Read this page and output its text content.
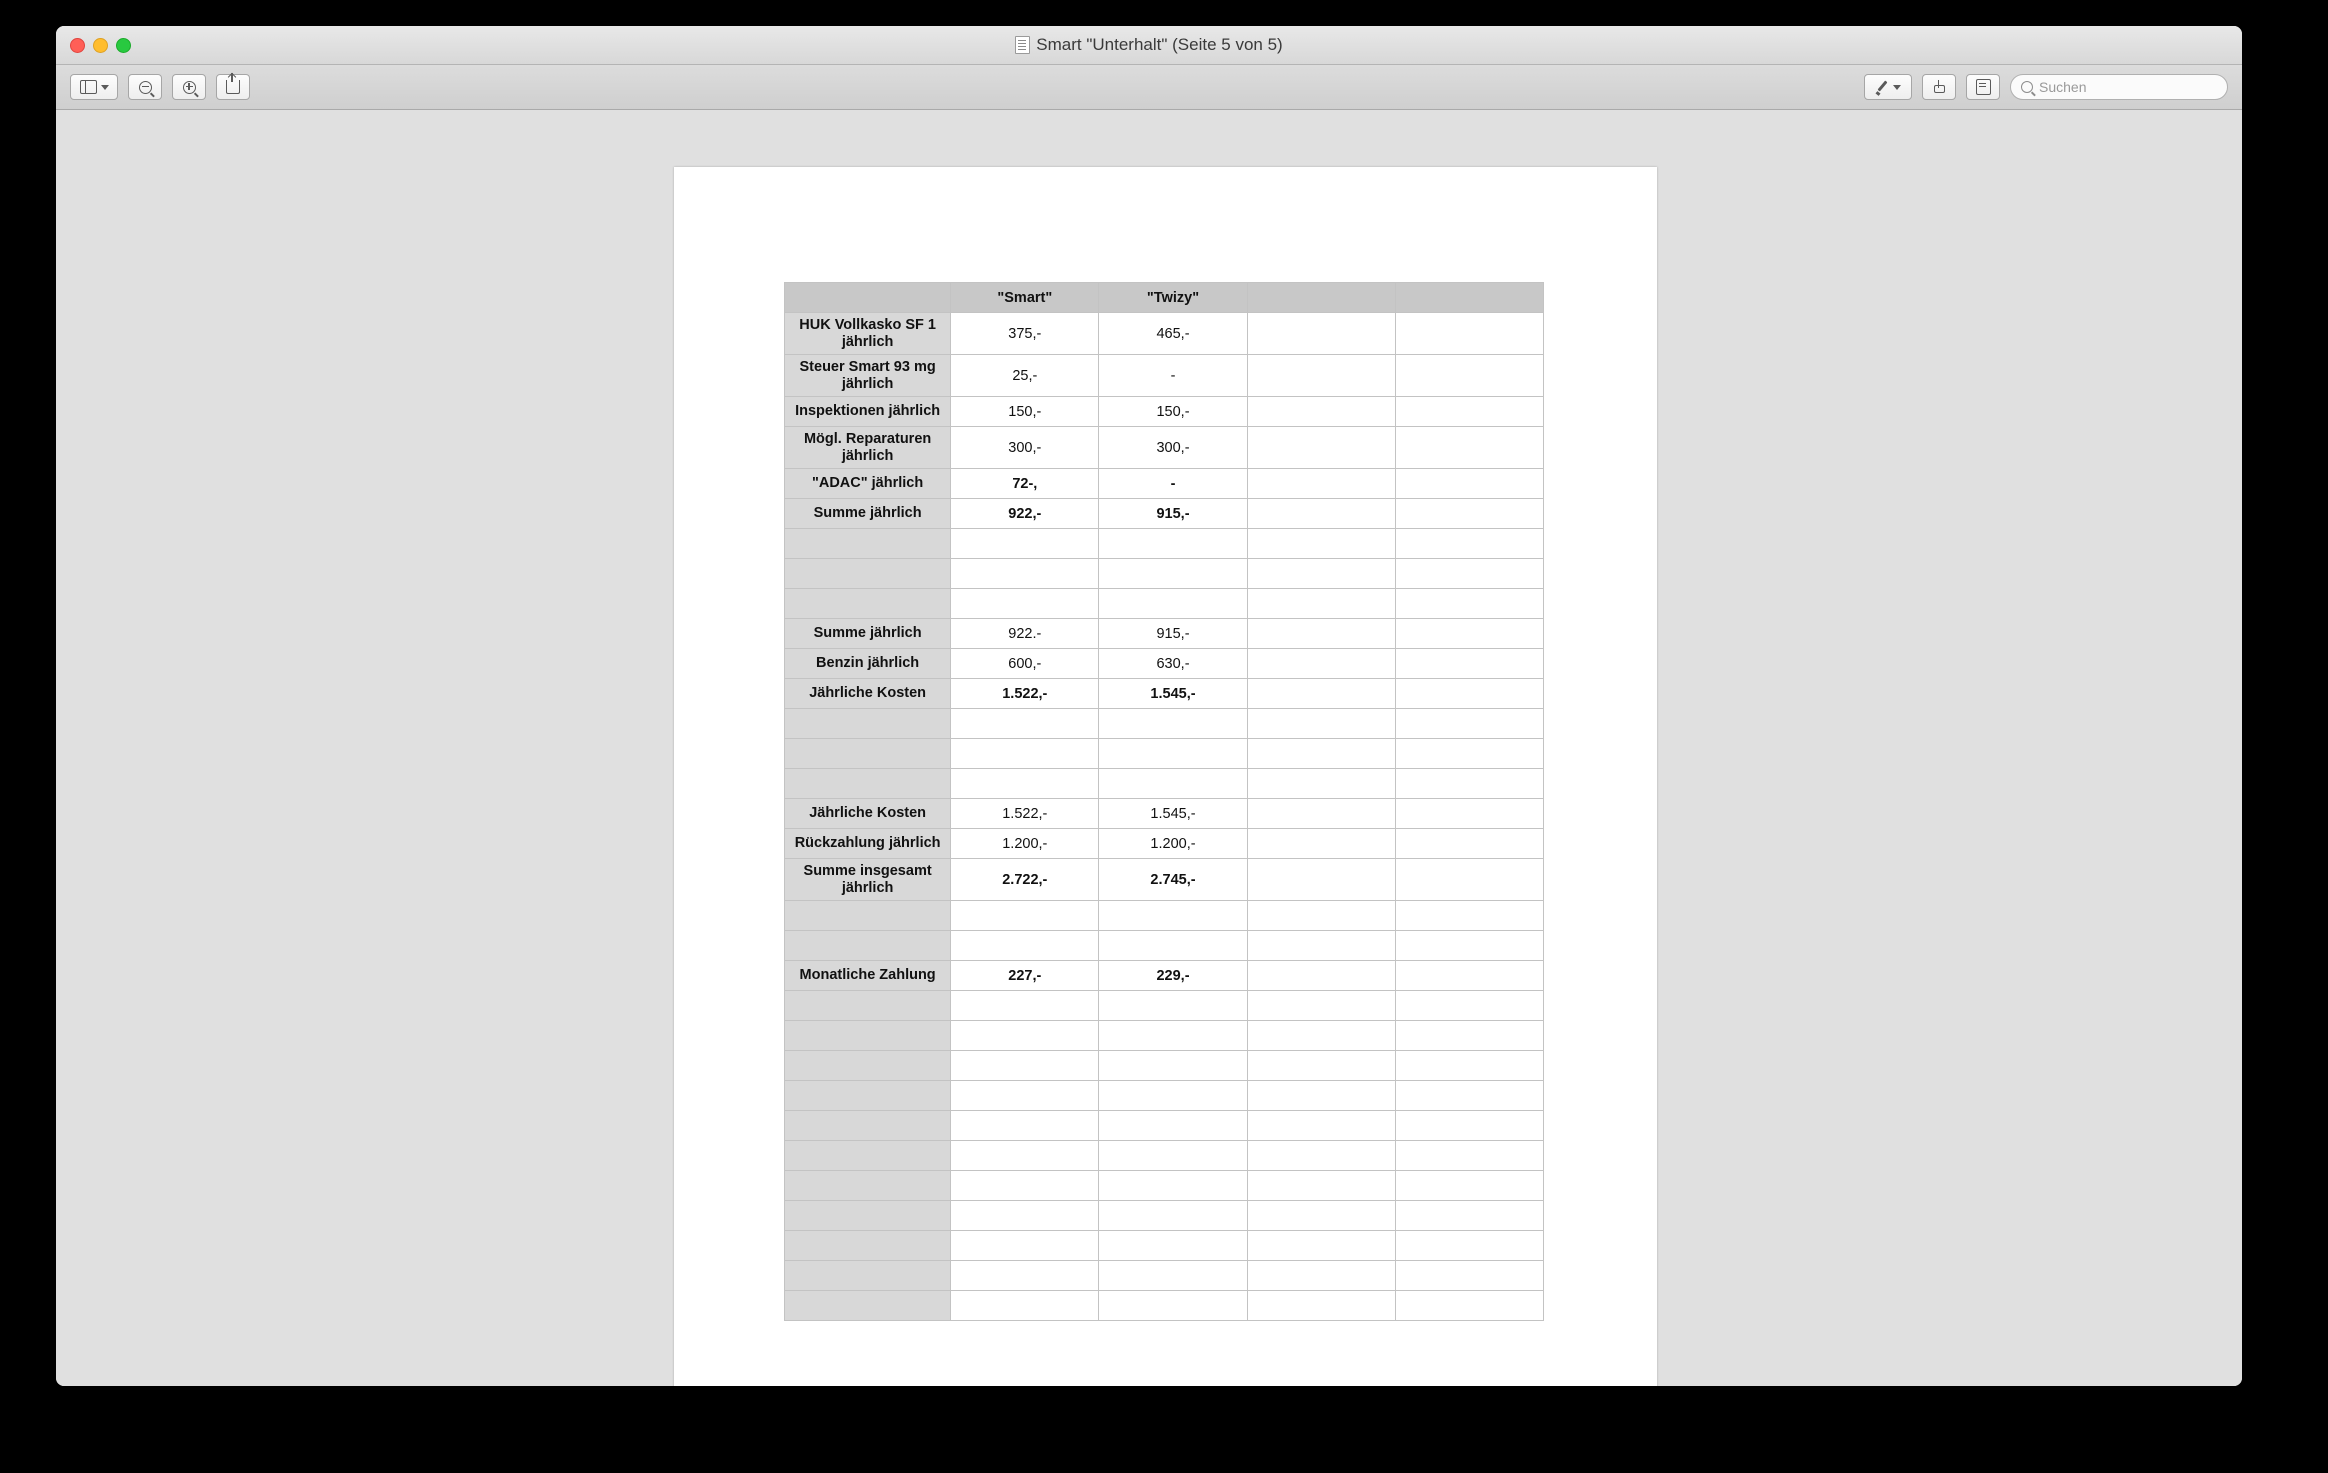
Smart "Unterhalt" (Seite 5 von 5)
Suchen
	"Smart"	"Twizy"		
HUK Vollkasko SF 1 jährlich	375,-	465,-		
Steuer Smart 93 mg jährlich	25,-	-		
Inspektionen jährlich	150,-	150,-		
Mögl. Reparaturen jährlich	300,-	300,-		
"ADAC" jährlich	72-,	-		
Summe jährlich	922,-	915,-		

Summe jährlich	922.-	915,-		
Benzin jährlich	600,-	630,-		
Jährliche Kosten	1.522,-	1.545,-		

Jährliche Kosten	1.522,-	1.545,-		
Rückzahlung jährlich	1.200,-	1.200,-		
Summe insgesamt jährlich	2.722,-	2.745,-		

Monatliche Zahlung	227,-	229,-		
